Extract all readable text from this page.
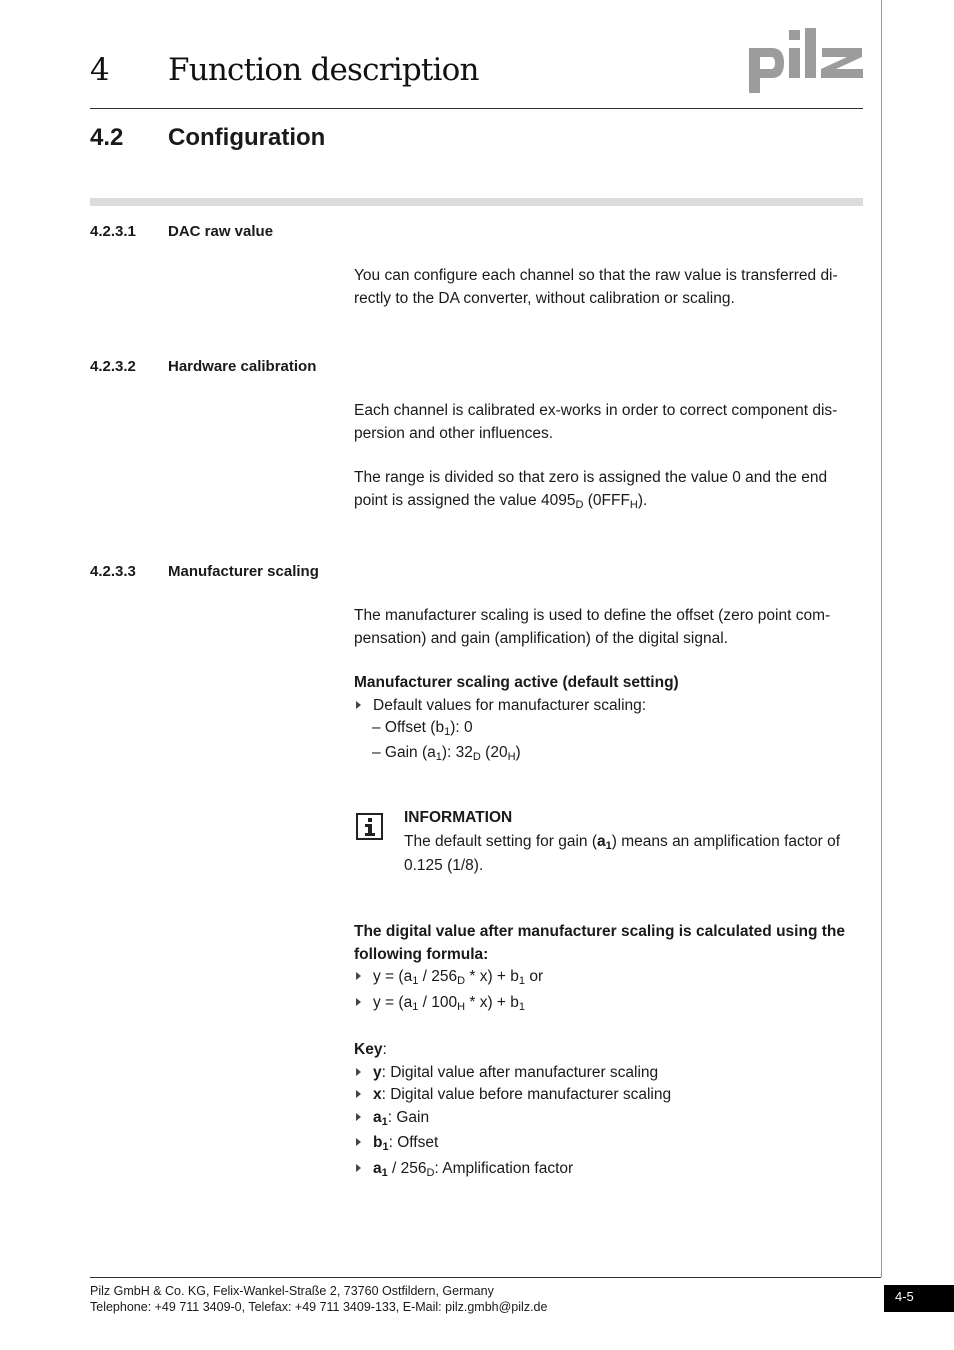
4 Function description
pilz
4.2 Configuration
4.2.3.1 DAC raw value
You can configure each channel so that the raw value is transferred di-
rectly to the DA converter, without calibration or scaling.
4.2.3.2 Hardware calibration
Each channel is calibrated ex-works in order to correct component dis-
persion and other influences.
The range is divided so that zero is assigned the value 0 and the end
point is assigned the value $4095_D$ $(0FFF_H)$.
4.2.3.3 Manufacturer scaling
The manufacturer scaling is used to define the offset (zero point com-
pensation) and gain (amplification) of the digital signal.
Manufacturer scaling active (default setting)
Default values for manufacturer scaling:
– Offset $(b_1)$: 0
– Gain $(a_1)$: $32_D$ $(20_H)$
INFORMATION
The default setting for gain $(a_1)$ means an amplification factor of
0.125 (1/8).
The digital value after manufacturer scaling is calculated using the
following formula:
$y = (a_1 / 256_D * x) + b_1$ or
$y = (a_1 / 100_H * x) + b_1$
Key:
y: Digital value after manufacturer scaling
x: Digital value before manufacturer scaling
$a_1$: Gain
$b_1$: Offset
$a_1 / 256_D$: Amplification factor
Pilz GmbH & Co. KG, Felix-Wankel-Straße 2, 73760 Ostfildern, Germany
Telephone: +49 711 3409-0, Telefax: +49 711 3409-133, E-Mail: pilz.gmbh@pilz.de
4-5
